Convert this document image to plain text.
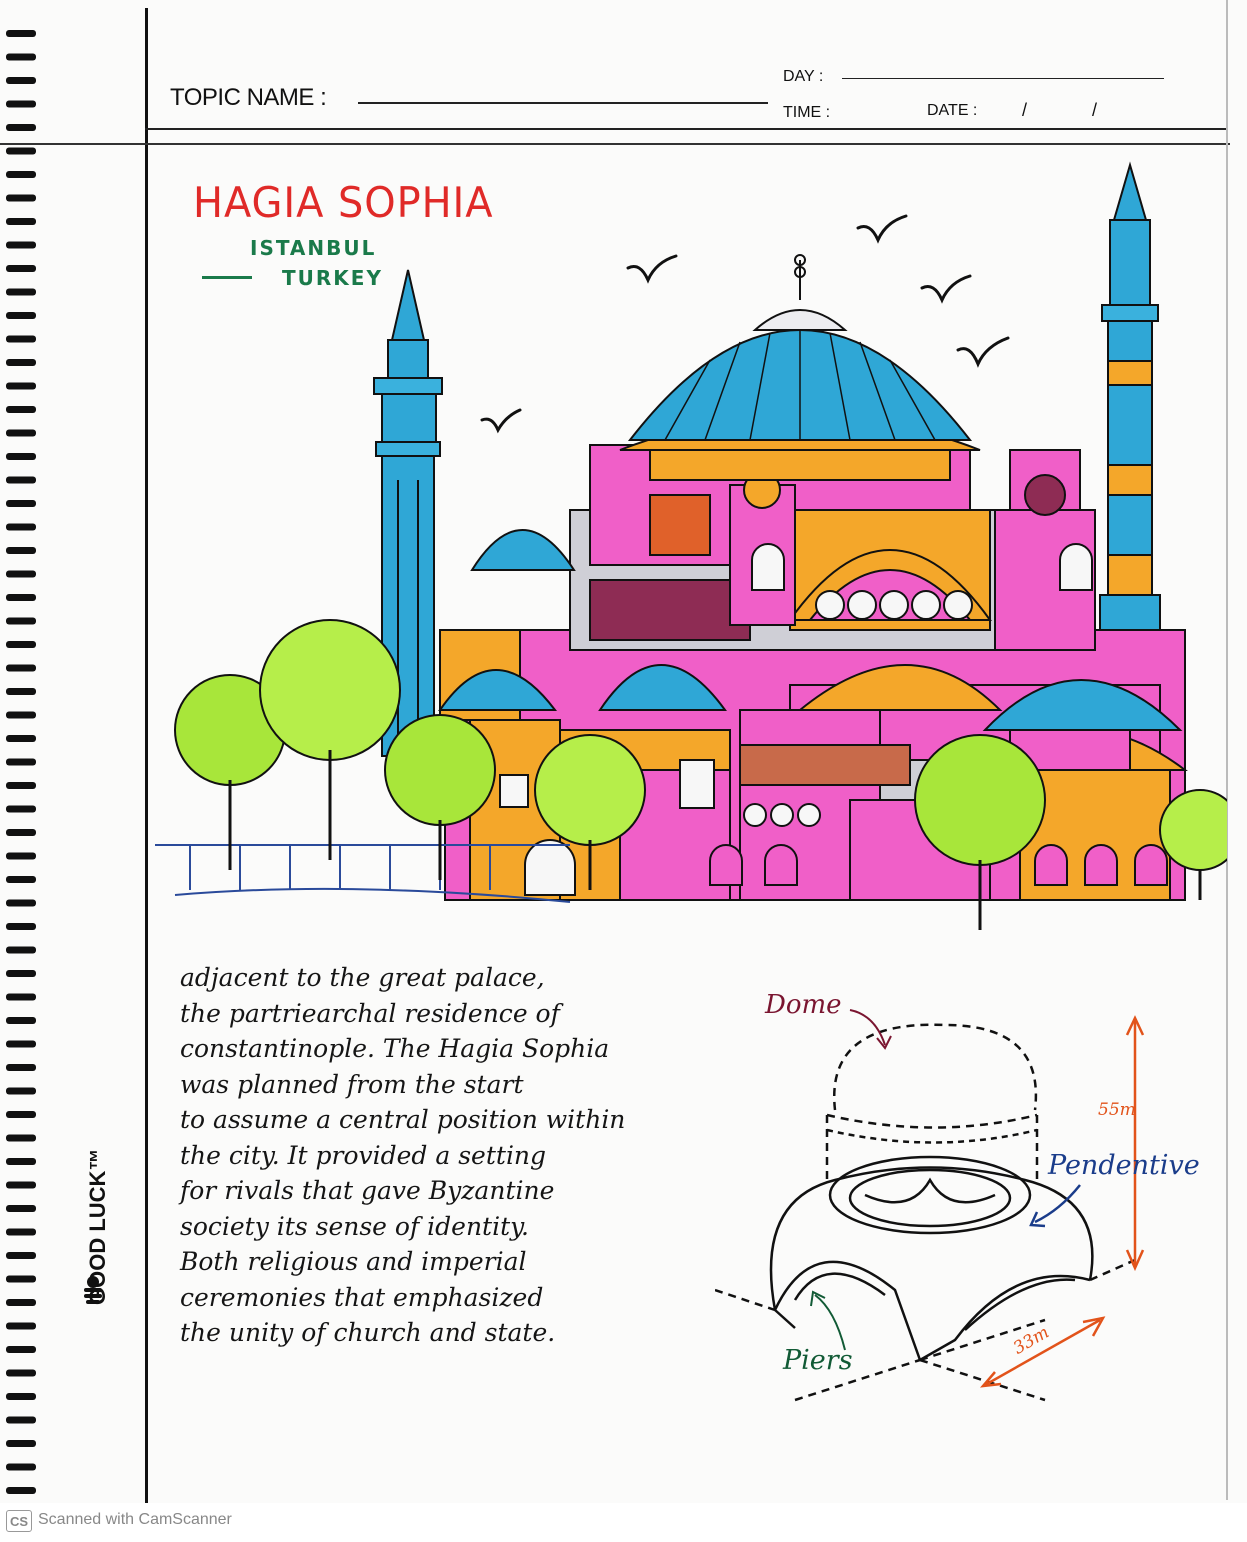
TOPIC NAME :
DAY :
TIME :	DATE : /	/
HAGIA SOPHIA
ISTANBUL
TURKEY
adjacent to the great palace,
the partriearchal residence of
constantinople. The Hagia Sophia
was planned from the start
to assume a central position within
the city. It provided a setting
for rivals that gave Byzantine
society its sense of identity.
Both religious and imperial
ceremonies that emphasized
the unity of church and state.
Dome
55m
Pendentive
Piers
33m
GOOD LUCK™
CS Scanned with CamScanner
